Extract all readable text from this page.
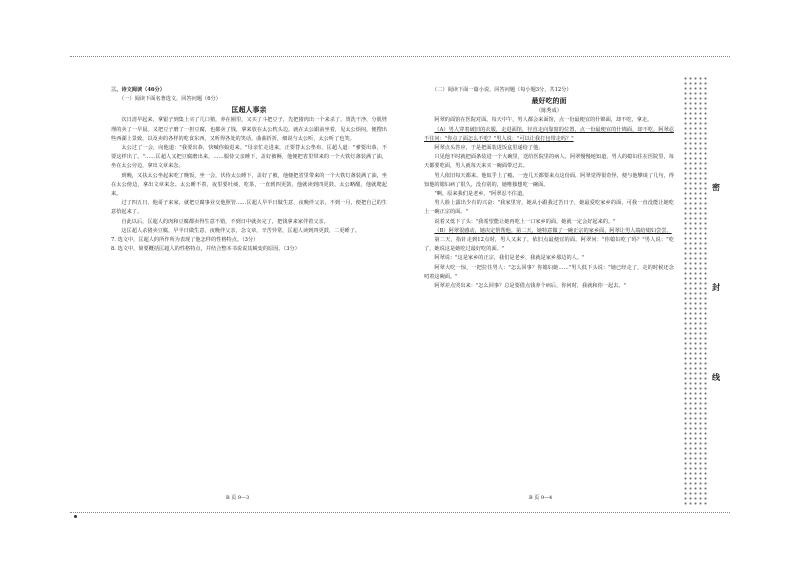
三、诗文阅读（46分）

（一）阅读下面名著选文，回答问题（6分）

匡超人事亲

次日清早起来，拿银子到集上买了几口猪，养在圈里，又买了斗把豆子，先把猪肉出一个来杀了，烫洗干净，分肌劈理的卖了一早晨。又把豆子磨了一担豆腐，也都卖了钱，拿来放在太公枕头边。就在太公跟前坐着，见太公烦闷，便搜出些西湖上景致，以及卖的各样的吃食东西，又听得各处的笑话，曲曲折折，细说与太公听，太公听了也笑。

太公过了一会，向他道："我要出恭，快喊你娘进来。"母亲忙走进来，正要替太公垫布，匡超人道："爹要出恭，不要这样出了。"……匡超人又把豆腐磨出来，……服侍父亲睡下，盖好被褥，他便把省里带来的一个大铁灯盏装满了油，坐在太公旁边，拿出文章来念。

到晚，又扶太公坐起来吃了晚饭，坐一会，伏侍太公睡下，盖好了被，他便把省里带来的一个大铁灯盏装满了油，坐在太公傍边，拿出文章来念。太公睡不着，夜里要吐痰，吃茶，一直到四更鼓，他就读到四更鼓。太公略醒，他就爬起来。

过了四五日，他哥子来家，就把豆腐事业交他照管……匡超人早半日做生意，夜晚伴父亲，不到一月，便把自己的生意拾起来了。

自此以后，匡超人的肉和豆腐都卖得生意不错，不到日中就卖完了，把钱拿来家伴着父亲。

这匡超人杀猪卖豆腐，早半日做生意，夜晚伴父亲，念文章，辛苦异常，匡超人读到四更鼓，二更睡了。

7. 选文中，匡超人的所作所为表现了他怎样的性格特点。（3分）

8. 选文中，简要概括匡超人的性格特点，并结合整本书说说其蜕变的原因。（3分）

（二）阅读下面一篇小说，回答问题（每小题3分，共12分）

最好吃的面

（陈秀成）

阿翠的面馆在医院对面。每天中午，男人都会来面馆，点一份最便宜的什锦面，却不吃，拿走。

（A）男人穿着破旧的衣服，走进面馆，径直走向靠窗的位置，点一份最便宜的什锦面，却不吃。阿翠忍不住问："你点了面怎么不吃？"男人说："可以让我打包带走吗？"

阿翠点头答应，于是把面装进饭盒里递给了他。

只见他不时就把面条装进一个大碗里，送给医院里的病人。阿翠慢慢地知道，男人的媳妇住在医院里，每天都要吃面，男人就每天来买一碗面带过去。

男人依旧每天都来。他似乎上了瘾，一连几天都要来点这份面，阿翠觉得很奇怪，便与他攀谈了几句，得知他的媳妇病了很久，没有别的，她唯独想吃一碗面。

"啊，原来我们是老乡。"阿翠忍不住道。

男人脸上露出少有的兴奋："我家里穷，她从小跟我过苦日子，她最爱吃家乡的面，可我一直没能让她吃上一碗正宗的面。"

说着又低下了头："我希望能让她再吃上一口家乡的面，她就一定会好起来的。"

（B）阿翠很感动，她决定帮帮他。第二天，她特意做了一碗正宗的家乡面，阿翠让男人端给媳妇尝尝。

第二天，指针走到12点时，男人又来了，依旧点最便宜的面。阿翠问："你媳妇吃了吗？"男人说："吃了，她说这是她吃过最好吃的面。"

阿翠说："这是家乡的正宗，我们是老乡，我就是家乡那边的人。"

阿翠大吃一惊，一把拉住男人："怎么回事？你媳妇她……"男人低下头说："她已经走了，走的时候还念叨着这碗面。"

阿翠差点哭出来："怎么回事？总是要借点钱养个病后，你何时，我就和你一起去。"

B 页 9—3	B 页 9—4
密
封
线
